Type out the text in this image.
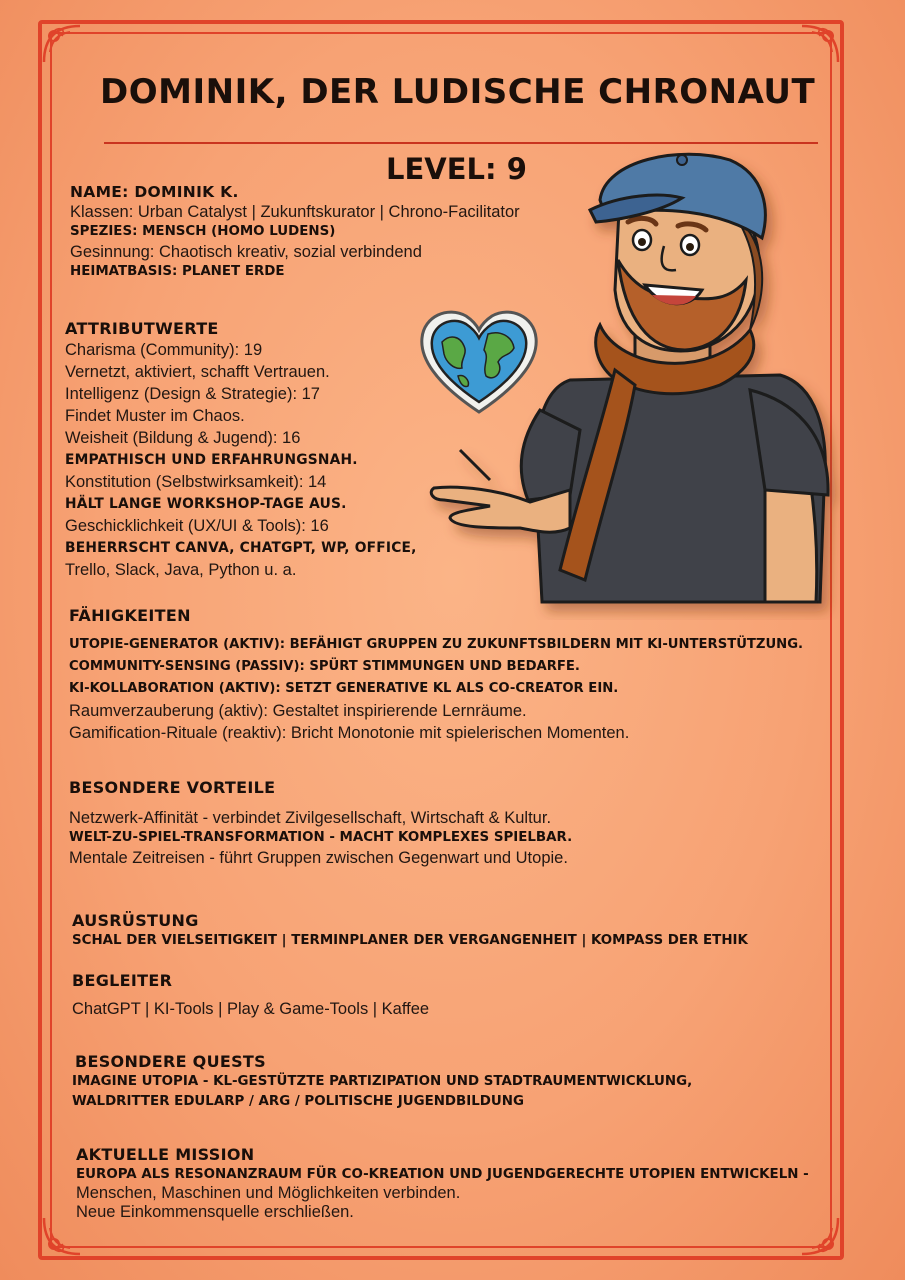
DOMINIK, DER LUDISCHE CHRONAUT
LEVEL: 9
NAME: DOMINIK K.
Klassen: Urban Catalyst | Zukunftskurator | Chrono-Facilitator
SPEZIES: MENSCH (HOMO LUDENS)
Gesinnung: Chaotisch kreativ, sozial verbindend
HEIMATBASIS: PLANET ERDE
ATTRIBUTWERTE
Charisma (Community): 19
Vernetzt, aktiviert, schafft Vertrauen.
Intelligenz (Design & Strategie): 17
Findet Muster im Chaos.
Weisheit (Bildung & Jugend): 16
EMPATHISCH UND ERFAHRUNGSNAH.
Konstitution (Selbstwirksamkeit): 14
HÄLT LANGE WORKSHOP-TAGE AUS.
Geschicklichkeit (UX/UI & Tools): 16
BEHERRSCHT CANVA, CHATGPT, WP, OFFICE,
Trello, Slack, Java, Python u. a.
FÄHIGKEITEN
UTOPIE-GENERATOR (AKTIV): BEFÄHIGT GRUPPEN ZU ZUKUNFTSBILDERN MIT KI-UNTERSTÜTZUNG.
COMMUNITY-SENSING (PASSIV): SPÜRT STIMMUNGEN UND BEDARFE.
KI-KOLLABORATION (AKTIV): SETZT GENERATIVE KL ALS CO-CREATOR EIN.
Raumverzauberung (aktiv): Gestaltet inspirierende Lernräume.
Gamification-Rituale (reaktiv): Bricht Monotonie mit spielerischen Momenten.
BESONDERE VORTEILE
Netzwerk-Affinität - verbindet Zivilgesellschaft, Wirtschaft & Kultur.
WELT-ZU-SPIEL-TRANSFORMATION - MACHT KOMPLEXES SPIELBAR.
Mentale Zeitreisen - führt Gruppen zwischen Gegenwart und Utopie.
AUSRÜSTUNG
SCHAL DER VIELSEITIGKEIT | TERMINPLANER DER VERGANGENHEIT | KOMPASS DER ETHIK
BEGLEITER
ChatGPT | KI-Tools | Play & Game-Tools | Kaffee
BESONDERE QUESTS
IMAGINE UTOPIA - KL-GESTÜTZTE PARTIZIPATION UND STADTRAUMENTWICKLUNG,
WALDRITTER EDULARP / ARG / POLITISCHE JUGENDBILDUNG
AKTUELLE MISSION
EUROPA ALS RESONANZRAUM FÜR CO-KREATION UND JUGENDGERECHTE UTOPIEN ENTWICKELN -
Menschen, Maschinen und Möglichkeiten verbinden.
Neue Einkommensquelle erschließen.
